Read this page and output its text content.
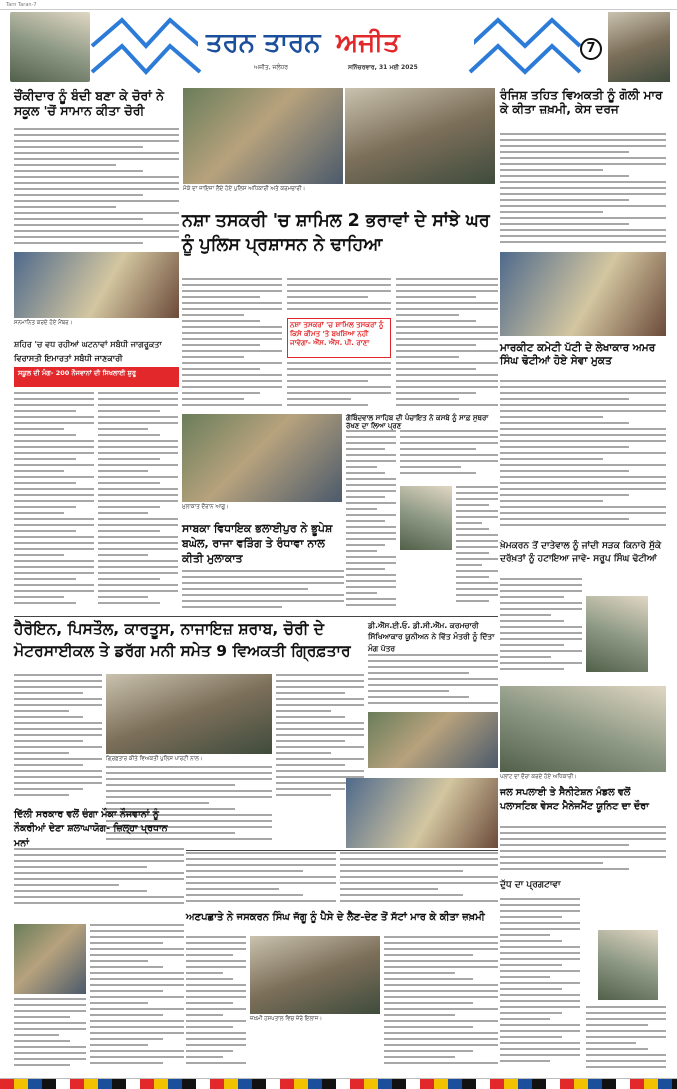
Tarn Taran-7
ਤਰਨ ਤਾਰਨ ਅਜੀਤ
ਅਜੀਤ, ਜਲੰਧਰ	ਸਨਿੱਚਰਵਾਰ, 31 ਮਈ 2025
7
ਚੌਂਕੀਦਾਰ ਨੂੰ ਬੰਦੀ ਬਣਾ ਕੇ ਚੋਰਾਂ ਨੇ ਸਕੂਲ 'ਚੋਂ ਸਾਮਾਨ ਕੀਤਾ ਚੋਰੀ
ਮੌਕੇ ਦਾ ਜਾਇਜ਼ਾ ਲੈਂਦੇ ਹੋਏ ਪੁਲਿਸ ਅਧਿਕਾਰੀ ਅਤੇ ਕਰਮਚਾਰੀ।
ਰੰਜਿਸ਼ ਤਹਿਤ ਵਿਅਕਤੀ ਨੂੰ ਗੋਲੀ ਮਾਰ ਕੇ ਕੀਤਾ ਜ਼ਖ਼ਮੀ, ਕੇਸ ਦਰਜ
ਨਸ਼ਾ ਤਸਕਰੀ 'ਚ ਸ਼ਾਮਿਲ 2 ਭਰਾਵਾਂ ਦੇ ਸਾਂਝੇ ਘਰ ਨੂੰ ਪੁਲਿਸ ਪ੍ਰਸ਼ਾਸਨ ਨੇ ਢਾਹਿਆ
ਸਨਮਾਨਿਤ ਕਰਦੇ ਹੋਏ ਮੈਂਬਰ।
ਸ਼ਹਿਰ 'ਚ ਵਧ ਰਹੀਆਂ ਘਟਨਾਵਾਂ ਸਬੰਧੀ ਜਾਗਰੂਕਤਾ
ਵਿਰਾਸਤੀ ਇਮਾਰਤਾਂ ਸਬੰਧੀ ਜਾਣਕਾਰੀ
ਸਕੂਲ ਦੀ ਮੰਗ- 200 ਨੌਜਵਾਨਾਂ ਦੀ ਸਿਖਲਾਈ ਸ਼ੁਰੂ
ਨਸ਼ਾ ਤਸਕਰਾਂ 'ਚ ਸ਼ਾਮਿਲ ਤਸਕਰਾਂ ਨੂੰ ਕਿਸੇ ਕੀਮਤ 'ਤੇ ਬਖਸ਼ਿਆ ਨਹੀਂ ਜਾਵੇਗਾ- ਐੱਸ. ਐੱਸ. ਪੀ. ਰਾਣਾ	ਮਾਰਕੀਟ ਕਮੇਟੀ ਪੱਟੀ ਦੇ ਲੇਖਾਕਾਰ ਅਮਰ ਸਿੰਘ ਢੋਟੀਆਂ ਹੋਏ ਸੇਵਾ ਮੁਕਤ
ਮੁਲਾਕਾਤ ਦੌਰਾਨ ਆਗੂ।
ਸਾਬਕਾ ਵਿਧਾਇਕ ਭਲਾਈਪੁਰ ਨੇ ਭੂਪੇਸ਼ ਬਘੇਲ, ਰਾਜਾ ਵੜਿੰਗ ਤੇ ਰੰਧਾਵਾ ਨਾਲ ਕੀਤੀ ਮੁਲਾਕਾਤ
ਗੋਬਿੰਦਵਾਲ ਸਾਹਿਬ ਦੀ ਪੰਚਾਇਤ ਨੇ ਕਸਬੇ ਨੂੰ ਸਾਫ਼ ਸੁਥਰਾ ਰੱਖਣ ਦਾ ਲਿਆ ਪ੍ਰਣ
ਖ਼ੇਮਕਰਨ ਤੋਂ ਦਾਤੇਵਾਲ ਨੂੰ ਜਾਂਦੀ ਸੜਕ ਕਿਨਾਰੇ ਸੁੱਕੇ ਦਰੱਖ਼ਤਾਂ ਨੂੰ ਹਟਾਇਆ ਜਾਵੇ- ਸਰੂਪ ਸਿੰਘ ਢੋਟੀਆਂ
ਹੈਰੋਇਨ, ਪਿਸਤੌਲ, ਕਾਰਤੂਸ, ਨਾਜਾਇਜ਼ ਸ਼ਰਾਬ, ਚੋਰੀ ਦੇ ਮੋਟਰਸਾਈਕਲ ਤੇ ਡਰੱਗ ਮਨੀ ਸਮੇਤ 9 ਵਿਅਕਤੀ ਗ੍ਰਿਫ਼ਤਾਰ
ਡੀ.ਐੱਸ.ਈ.ਓ. ਡੀ.ਸੀ.ਐੱਮ. ਕਰਮਚਾਰੀ ਸਿੱਖਿਆਕਾਰ ਯੂਨੀਅਨ ਨੇ ਵਿੱਤ ਮੰਤਰੀ ਨੂੰ ਦਿੱਤਾ ਮੰਗ ਪੱਤਰ
ਗ੍ਰਿਫ਼ਤਾਰ ਕੀਤੇ ਵਿਅਕਤੀ ਪੁਲਿਸ ਪਾਰਟੀ ਨਾਲ।
ਪਲਾਂਟ ਦਾ ਦੌਰਾ ਕਰਦੇ ਹੋਏ ਅਧਿਕਾਰੀ।
ਜਲ ਸਪਲਾਈ ਤੇ ਸੈਨੀਟੇਸ਼ਨ ਮੰਡਲ ਵਲੋਂ ਪਲਾਸਟਿਕ ਵੇਸਟ ਮੈਨੇਜਮੈਂਟ ਯੂਨਿਟ ਦਾ ਦੌਰਾ
ਦਿੱਲੀ ਸਰਕਾਰ ਵਲੋਂ ਚੰਗਾ ਮੌਕਾ ਨੌਜਵਾਨਾਂ ਨੂੰ ਨੌਕਰੀਆਂ ਦੇਣਾ ਸ਼ਲਾਘਾਯੋਗ- ਜ਼ਿਲ੍ਹਾ ਪ੍ਰਧਾਨ ਮਨਾਂ
ਅਣਪਛਾਤੇ ਨੇ ਜਸਕਰਨ ਸਿੰਘ ਜੱਗੂ ਨੂੰ ਪੈਸੇ ਦੇ ਲੈਣ-ਦੇਣ ਤੋਂ ਸੱਟਾਂ ਮਾਰ ਕੇ ਕੀਤਾ ਜ਼ਖ਼ਮੀ
ਜ਼ਖ਼ਮੀ ਹਸਪਤਾਲ ਵਿਚ ਜ਼ੇਰੇ ਇਲਾਜ।
ਦੁੱਧ ਦਾ ਪ੍ਰਗਟਾਵਾ
